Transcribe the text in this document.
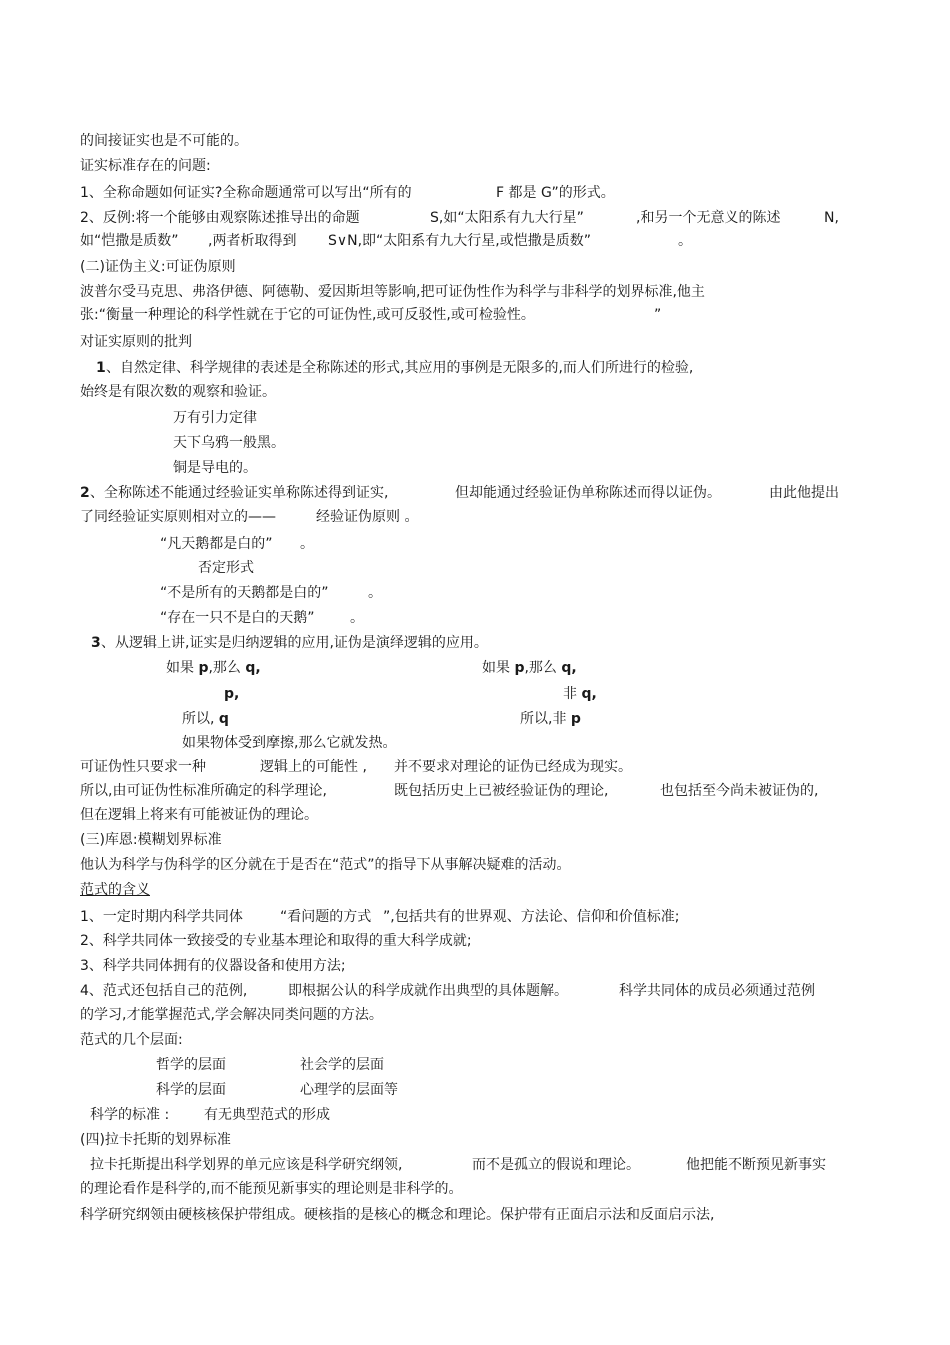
的间接证实也是不可能的。
证实标准存在的问题:
1、全称命题如何证实?全称命题通常可以写出“所有的	F 都是 G”的形式。
2、反例:将一个能够由观察陈述推导出的命题	S,如“太阳系有九大行星”	,和另一个无意义的陈述	N,
如“恺撒是质数” ,两者析取得到 S∨N,即“太阳系有九大行星,或恺撒是质数”	。
(二)证伪主义:可证伪原则
波普尔受马克思、弗洛伊德、阿德勒、爱因斯坦等影响,把可证伪性作为科学与非科学的划界标准,他主
张:“衡量一种理论的科学性就在于它的可证伪性,或可反驳性,或可检验性。	”
对证实原则的批判
1 、自然定律、科学规律的表述是全称陈述的形式,其应用的事例是无限多的,而人们所进行的检验,
始终是有限次数的观察和验证。
万有引力定律
天下乌鸦一般黑。
铜是导电的。
2 、全称陈述不能通过经验证实单称陈述得到证实,	但却能通过经验证伪单称陈述而得以证伪。	由此他提出
了同经验证实原则相对立的——	经验证伪原则 。
“凡天鹅都是白的” 。
否定形式
“不是所有的天鹅都是白的”	。
“存在一只不是白的天鹅”	。
3 、从逻辑上讲,证实是归纳逻辑的应用,证伪是演绎逻辑的应用。
如果 p,那么 q,	如果 p,那么 q,
p,	非 q,
所以, q	所以,非 p
如果物体受到摩擦,那么它就发热。
可证伪性只要求一种	逻辑上的可能性 , 并不要求对理论的证伪已经成为现实。
所以,由可证伪性标准所确定的科学理论,	既包括历史上已被经验证伪的理论,	也包括至今尚未被证伪的,
但在逻辑上将来有可能被证伪的理论。
(三)库恩:模糊划界标准
他认为科学与伪科学的区分就在于是否在“范式”的指导下从事解决疑难的活动。
范式的含义
1、一定时期内科学共同体	“看问题的方式 ”,包括共有的世界观、方法论、信仰和价值标准;
2、科学共同体一致接受的专业基本理论和取得的重大科学成就;
3、科学共同体拥有的仪器设备和使用方法;
4、范式还包括自己的范例,	即根据公认的科学成就作出典型的具体题解。	科学共同体的成员必须通过范例
的学习,才能掌握范式,学会解决同类问题的方法。
范式的几个层面:
哲学的层面	社会学的层面
科学的层面	心理学的层面等
科学的标准 : 有无典型范式的形成
(四)拉卡托斯的划界标准
拉卡托斯提出科学划界的单元应该是科学研究纲领,	而不是孤立的假说和理论。	他把能不断预见新事实
的理论看作是科学的,而不能预见新事实的理论则是非科学的。
科学研究纲领由硬核核保护带组成。硬核指的是核心的概念和理论。保护带有正面启示法和反面启示法,
